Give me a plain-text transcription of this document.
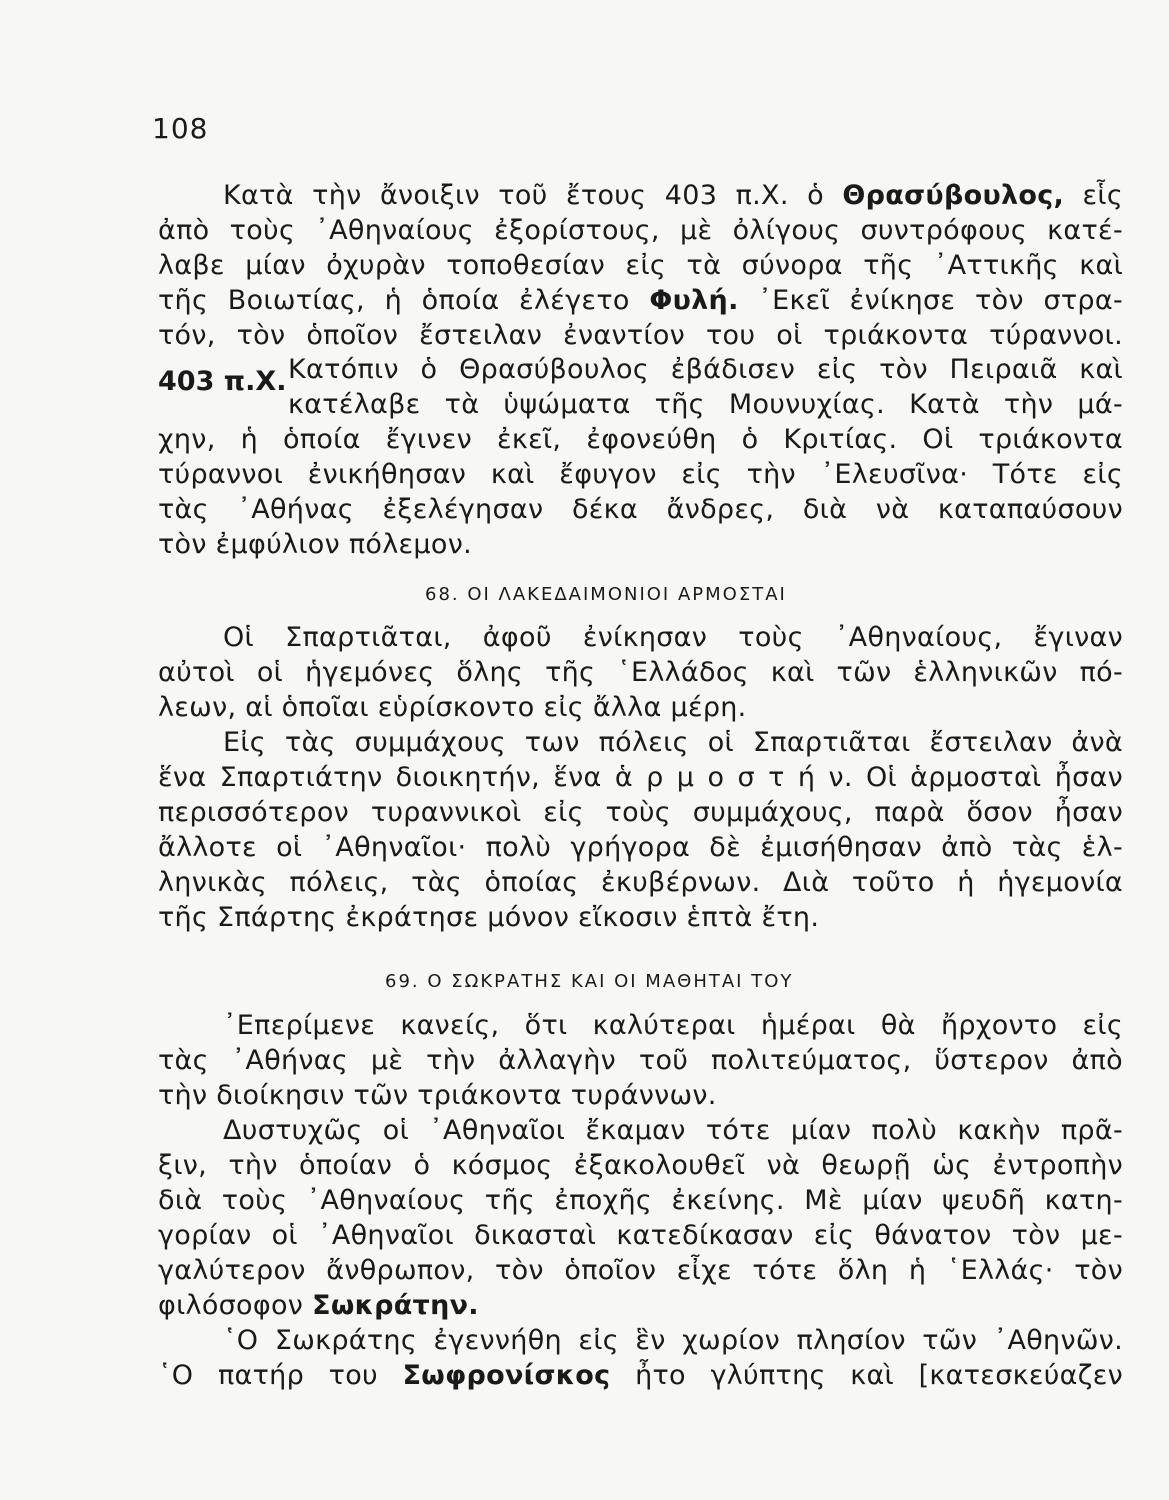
108
Κατὰ τὴν ἄνοιξιν τοῦ ἔτους 403 π.Χ. ὁ Θρασύβουλος, εἷς
ἀπὸ τοὺς ᾿Αθηναίους ἐξορίστους, μὲ ὀλίγους συντρόφους κατέ-
λαβε μίαν ὀχυρὰν τοποθεσίαν εἰς τὰ σύνορα τῆς ᾿Αττικῆς καὶ
τῆς Βοιωτίας, ἡ ὁποία ἐλέγετο Φυλή. ᾿Εκεῖ ἐνίκησε τὸν στρα-
τόν, τὸν ὁποῖον ἔστειλαν ἐναντίον του οἱ τριάκοντα τύραννοι.
403 π.Χ. Κατόπιν ὁ Θρασύβουλος ἐβάδισεν εἰς τὸν Πειραιᾶ καὶ
κατέλαβε τὰ ὑψώματα τῆς Μουνυχίας. Κατὰ τὴν μά-
χην, ἡ ὁποία ἔγινεν ἐκεῖ, ἐφονεύθη ὁ Κριτίας. Οἱ τριάκοντα
τύραννοι ἐνικήθησαν καὶ ἔφυγον εἰς τὴν ᾿Ελευσῖνα· Τότε εἰς
τὰς ᾿Αθήνας ἐξελέγησαν δέκα ἄνδρες, διὰ νὰ καταπαύσουν
τὸν ἐμφύλιον πόλεμον.
68. ΟΙ ΛΑΚΕΔΑΙΜΟΝΙΟΙ ΑΡΜΟΣΤΑΙ
Οἱ Σπαρτιᾶται, ἀφοῦ ἐνίκησαν τοὺς ᾿Αθηναίους, ἔγιναν
αὐτοὶ οἱ ἡγεμόνες ὅλης τῆς ῾Ελλάδος καὶ τῶν ἑλληνικῶν πό-
λεων, αἱ ὁποῖαι εὑρίσκοντο εἰς ἄλλα μέρη.
Εἰς τὰς συμμάχους των πόλεις οἱ Σπαρτιᾶται ἔστειλαν ἀνὰ
ἕνα Σπαρτιάτην διοικητήν, ἕνα ἁ ρ μ ο σ τ ή ν. Οἱ ἁρμοσταὶ ἦσαν
περισσότερον τυραννικοὶ εἰς τοὺς συμμάχους, παρὰ ὅσον ἦσαν
ἄλλοτε οἱ ᾿Αθηναῖοι· πολὺ γρήγορα δὲ ἐμισήθησαν ἀπὸ τὰς ἑλ-
ληνικὰς πόλεις, τὰς ὁποίας ἐκυβέρνων. Διὰ τοῦτο ἡ ἡγεμονία
τῆς Σπάρτης ἐκράτησε μόνον εἴκοσιν ἑπτὰ ἔτη.
69. Ο ΣΩΚΡΑΤΗΣ ΚΑΙ ΟΙ ΜΑΘΗΤΑΙ ΤΟΥ
᾿Επερίμενε κανείς, ὅτι καλύτεραι ἡμέραι θὰ ἤρχοντο εἰς
τὰς ᾿Αθήνας μὲ τὴν ἀλλαγὴν τοῦ πολιτεύματος, ὕστερον ἀπὸ
τὴν διοίκησιν τῶν τριάκοντα τυράννων.
Δυστυχῶς οἱ ᾿Αθηναῖοι ἔκαμαν τότε μίαν πολὺ κακὴν πρᾶ-
ξιν, τὴν ὁποίαν ὁ κόσμος ἐξακολουθεῖ νὰ θεωρῇ ὡς ἐντροπὴν
διὰ τοὺς ᾿Αθηναίους τῆς ἐποχῆς ἐκείνης. Μὲ μίαν ψευδῆ κατη-
γορίαν οἱ ᾿Αθηναῖοι δικασταὶ κατεδίκασαν εἰς θάνατον τὸν με-
γαλύτερον ἄνθρωπον, τὸν ὁποῖον εἶχε τότε ὅλη ἡ ῾Ελλάς· τὸν
φιλόσοφον Σωκράτην.
῾Ο Σωκράτης ἐγεννήθη εἰς ἓν χωρίον πλησίον τῶν ᾿Αθηνῶν.
῾Ο πατήρ του Σωφρονίσκος ἦτο γλύπτης καὶ [κατεσκεύαζεν
